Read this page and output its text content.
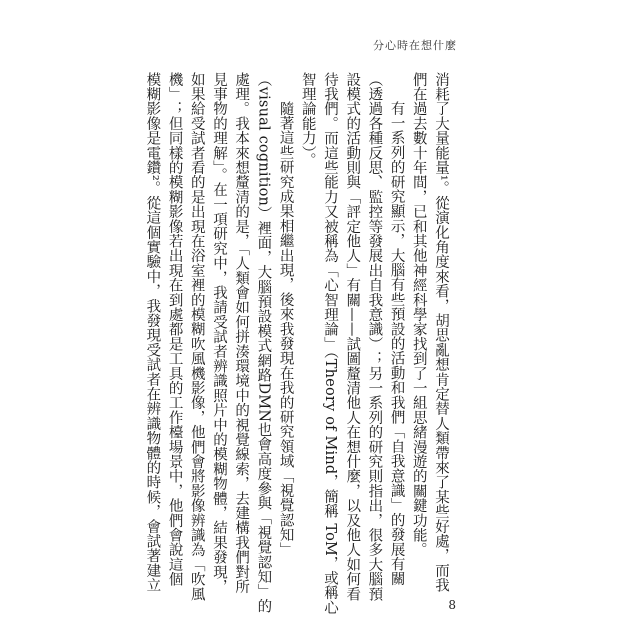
分心時在想什麼

消耗了大量能量¹。從演化角度來看，胡思亂想肯定替人類帶來了某些好處，而我

們在過去數十年間，已和其他神經科學家找到了一組思緒漫遊的關鍵功能。

有一系列的研究顯示，大腦有些預設的活動和我們「自我意識」的發展有關

（透過各種反思、監控等發展出自我意識）；另一系列的研究則指出，很多大腦預

設模式的活動則與「評定他人」有關——試圖釐清他人在想什麼，以及他人如何看

待我們。而這些能力又被稱為「心智理論」（Theory of Mind，簡稱 ToM，或稱心

智理論能力）。

隨著這些研究成果相繼出現，後來我發現在我的研究領域「視覺認知」

（visual cognition）裡面，大腦預設模式網路DMN也會高度參與「視覺認知」的

處理。我本來想釐清的是，「人類會如何拼湊環境中的視覺線索，去建構我們對所

見事物的理解」。在一項研究中，我請受試者辨識照片中的模糊物體，結果發現，

如果給受試者看的是出現在浴室裡的模糊吹風機影像，他們會將影像辨識為「吹風

機」；但同樣的模糊影像若出現在到處都是工具的工作檯場景中，他們會說這個

模糊影像是電鑽²。從這個實驗中，我發現受試者在辨識物體的時候，會試著建立

8
